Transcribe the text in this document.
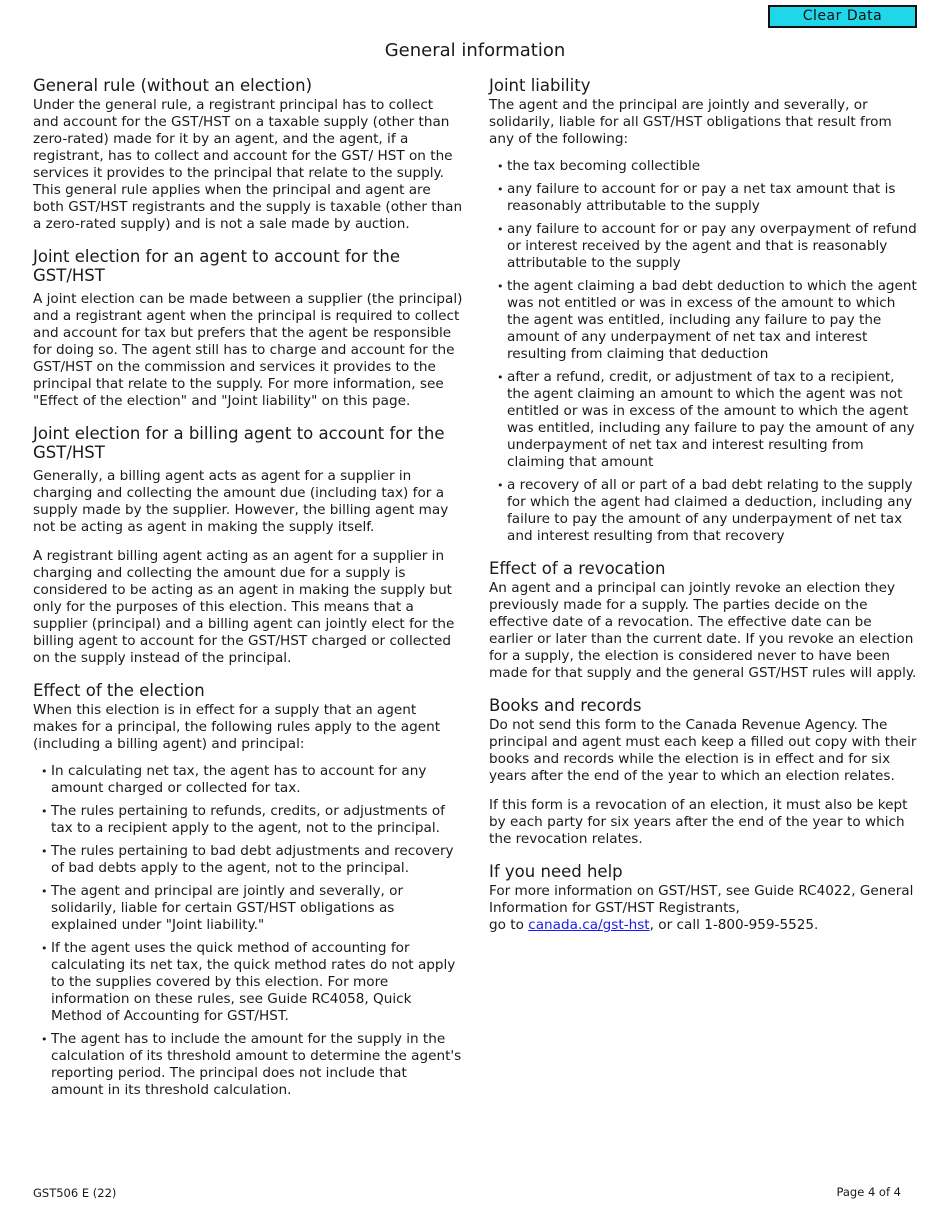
Clear Data
General information
General rule (without an election)

Under the general rule, a registrant principal has to collect and account for the GST/HST on a taxable supply (other than zero-rated) made for it by an agent, and the agent, if a registrant, has to collect and account for the GST/ HST on the services it provides to the principal that relate to the supply. This general rule applies when the principal and agent are both GST/HST registrants and the supply is taxable (other than a zero-rated supply) and is not a sale made by auction.

Joint election for an agent to account for the GST/HST

A joint election can be made between a supplier (the principal) and a registrant agent when the principal is required to collect and account for tax but prefers that the agent be responsible for doing so. The agent still has to charge and account for the GST/HST on the commission and services it provides to the principal that relate to the supply. For more information, see "Effect of the election" and "Joint liability" on this page.

Joint election for a billing agent to account for the GST/HST

Generally, a billing agent acts as agent for a supplier in charging and collecting the amount due (including tax) for a supply made by the supplier. However, the billing agent may not be acting as agent in making the supply itself.

A registrant billing agent acting as an agent for a supplier in charging and collecting the amount due for a supply is considered to be acting as an agent in making the supply but only for the purposes of this election. This means that a supplier (principal) and a billing agent can jointly elect for the billing agent to account for the GST/HST charged or collected on the supply instead of the principal.

Effect of the election

When this election is in effect for a supply that an agent makes for a principal, the following rules apply to the agent (including a billing agent) and principal:

• In calculating net tax, the agent has to account for any amount charged or collected for tax.
• The rules pertaining to refunds, credits, or adjustments of tax to a recipient apply to the agent, not to the principal.
• The rules pertaining to bad debt adjustments and recovery of bad debts apply to the agent, not to the principal.
• The agent and principal are jointly and severally, or solidarily, liable for certain GST/HST obligations as explained under "Joint liability."
• If the agent uses the quick method of accounting for calculating its net tax, the quick method rates do not apply to the supplies covered by this election. For more information on these rules, see Guide RC4058, Quick Method of Accounting for GST/HST.
• The agent has to include the amount for the supply in the calculation of its threshold amount to determine the agent's reporting period. The principal does not include that amount in its threshold calculation.
Joint liability

The agent and the principal are jointly and severally, or solidarily, liable for all GST/HST obligations that result from any of the following:

• the tax becoming collectible
• any failure to account for or pay a net tax amount that is reasonably attributable to the supply
• any failure to account for or pay any overpayment of refund or interest received by the agent and that is reasonably attributable to the supply
• the agent claiming a bad debt deduction to which the agent was not entitled or was in excess of the amount to which the agent was entitled, including any failure to pay the amount of any underpayment of net tax and interest resulting from claiming that deduction
• after a refund, credit, or adjustment of tax to a recipient, the agent claiming an amount to which the agent was not entitled or was in excess of the amount to which the agent was entitled, including any failure to pay the amount of any underpayment of net tax and interest resulting from claiming that amount
• a recovery of all or part of a bad debt relating to the supply for which the agent had claimed a deduction, including any failure to pay the amount of any underpayment of net tax and interest resulting from that recovery
Effect of a revocation

An agent and a principal can jointly revoke an election they previously made for a supply. The parties decide on the effective date of a revocation. The effective date can be earlier or later than the current date. If you revoke an election for a supply, the election is considered never to have been made for that supply and the general GST/HST rules will apply.

Books and records

Do not send this form to the Canada Revenue Agency. The principal and agent must each keep a filled out copy with their books and records while the election is in effect and for six years after the end of the year to which an election relates.

If this form is a revocation of an election, it must also be kept by each party for six years after the end of the year to which the revocation relates.

If you need help

For more information on GST/HST, see Guide RC4022, General Information for GST/HST Registrants,
go to canada.ca/gst-hst, or call 1-800-959-5525.

GST506 E (22)	Page 4 of 4
